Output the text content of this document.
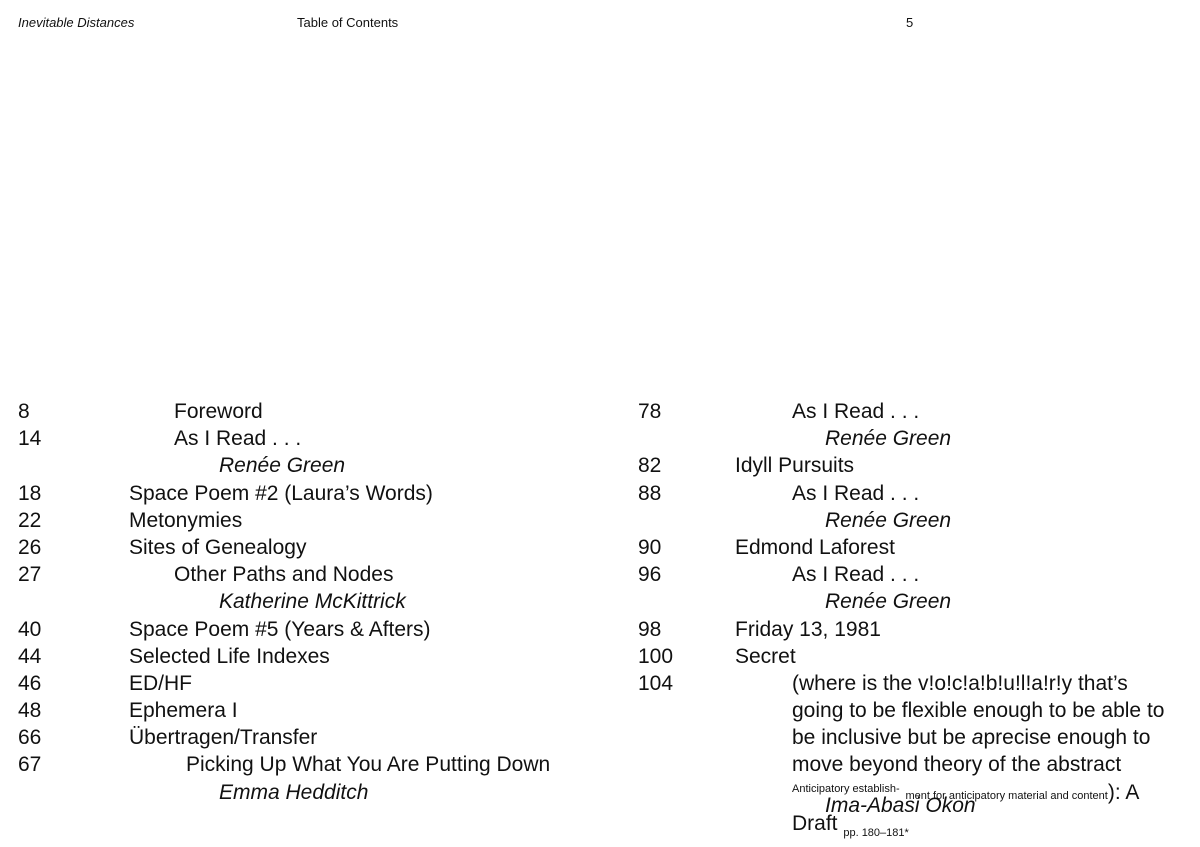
Inevitable Distances	Table of Contents	5
8	Foreword
14	As I Read . . .
Renée Green
18	Space Poem #2 (Laura’s Words)
22	Metonymies
26	Sites of Genealogy
27	Other Paths and Nodes
Katherine McKittrick
40	Space Poem #5 (Years & Afters)
44	Selected Life Indexes
46	ED/HF
48	Ephemera I
66	Übertragen/Transfer
67	Picking Up What You Are Putting Down
Emma Hedditch
78	As I Read . . .
Renée Green
82	Idyll Pursuits
88	As I Read . . .
Renée Green
90	Edmond Laforest
96	As I Read . . .
Renée Green
98	Friday 13, 1981
100	Secret
104	(where is the v!o!c!a!b!u!l!a!r!y that’s going to be flexible enough to be able to be inclusive but be aprecise enough to move beyond theory of the abstract $^{Anticipatory establish-}$ ment for anticipatory material and content): A Draft $_{pp. 180-181*}$
Ima-Abasi Okon
